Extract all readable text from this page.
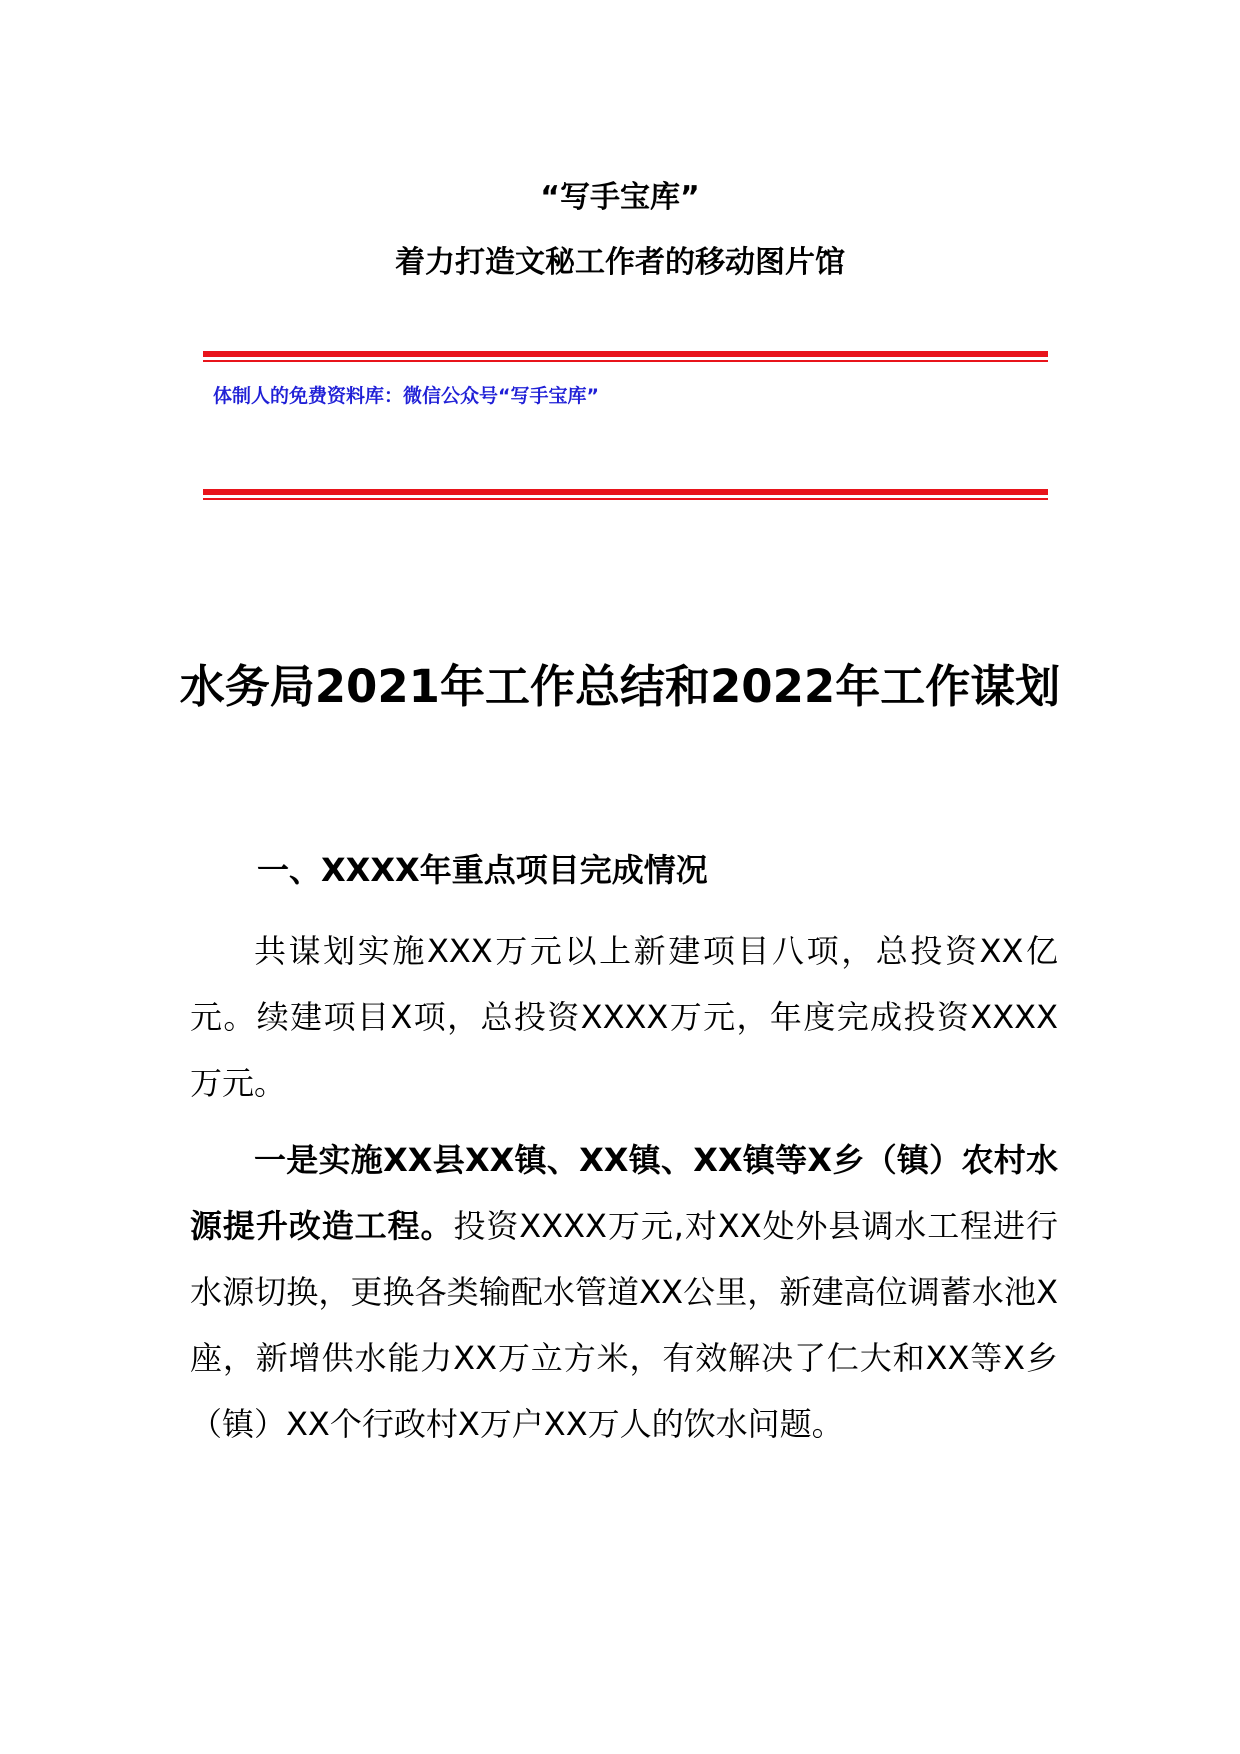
“写手宝库”
着力打造文秘工作者的移动图片馆
体制人的免费资料库：微信公众号“写手宝库”
水务局2021年工作总结和2022年工作谋划
一、XXXX年重点项目完成情况

共谋划实施XXX万元以上新建项目八项，总投资XX亿元。续建项目X项，总投资XXXX万元，年度完成投资XXXX万元。

一是实施XX县XX镇、XX镇、XX镇等X乡（镇）农村水源提升改造工程。投资XXXX万元,对XX处外县调水工程进行水源切换，更换各类输配水管道XX公里，新建高位调蓄水池X座，新增供水能力XX万立方米，有效解决了仁大和XX等X乡（镇）XX个行政村X万户XX万人的饮水问题。
